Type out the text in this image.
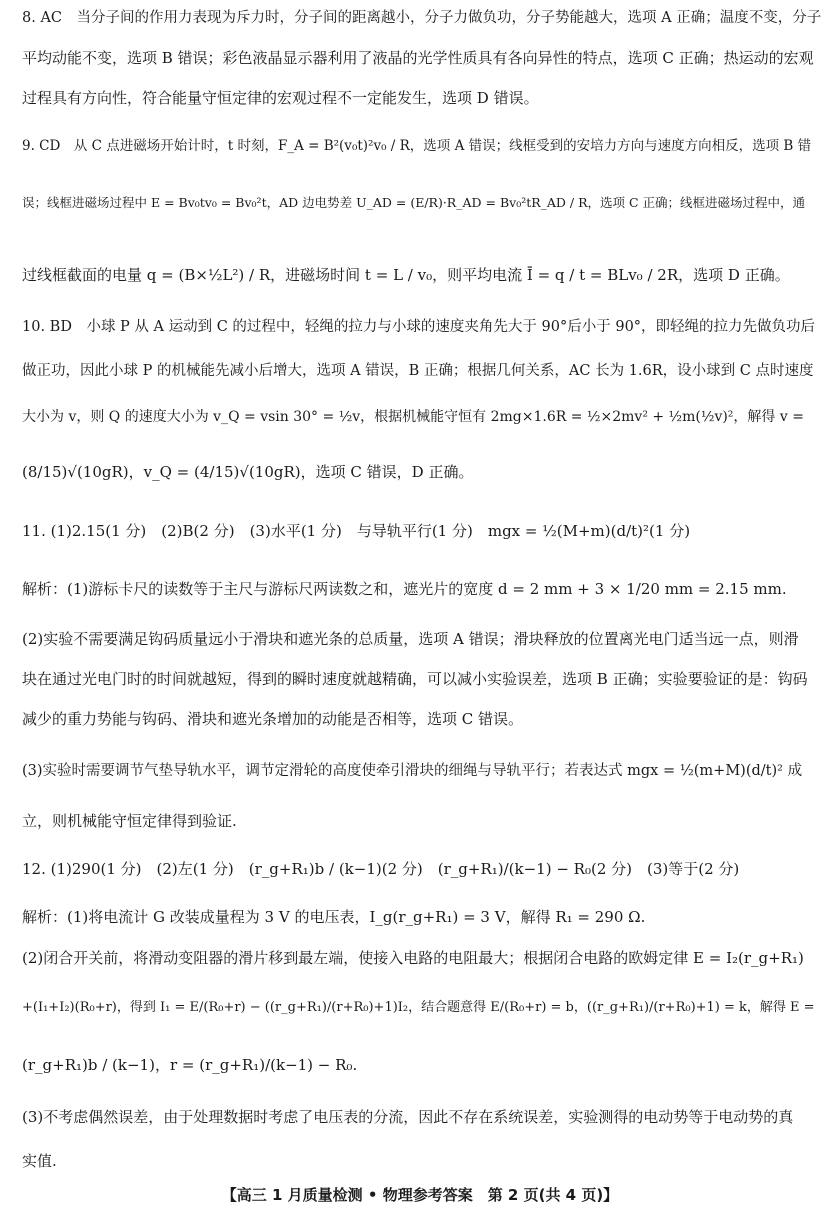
8. AC　当分子间的作用力表现为斥力时，分子间的距离越小，分子力做负功，分子势能越大，选项 A 正确；温度不变，分子
平均动能不变，选项 B 错误；彩色液晶显示器利用了液晶的光学性质具有各向异性的特点，选项 C 正确；热运动的宏观
过程具有方向性，符合能量守恒定律的宏观过程不一定能发生，选项 D 错误。
9. CD　从 C 点进磁场开始计时，t 时刻，F_A = B²(v₀t)²v₀ / R，选项 A 错误；线框受到的安培力方向与速度方向相反，选项 B 错
误；线框进磁场过程中 E = Bv₀tv₀ = Bv₀²t，AD 边电势差 U_AD = (E/R)·R_AD = Bv₀²tR_AD / R，选项 C 正确；线框进磁场过程中，通
过线框截面的电量 q = (B×½L²) / R，进磁场时间 t = L / v₀，则平均电流 Ī = q / t = BLv₀ / 2R，选项 D 正确。
10. BD　小球 P 从 A 运动到 C 的过程中，轻绳的拉力与小球的速度夹角先大于 90°后小于 90°，即轻绳的拉力先做负功后
做正功，因此小球 P 的机械能先减小后增大，选项 A 错误，B 正确；根据几何关系，AC 长为 1.6R，设小球到 C 点时速度
大小为 v，则 Q 的速度大小为 v_Q = vsin 30° = ½v，根据机械能守恒有 2mg×1.6R = ½×2mv² + ½m(½v)²，解得 v =
(8/15)√(10gR)，v_Q = (4/15)√(10gR)，选项 C 错误，D 正确。
11. (1)2.15(1 分)　(2)B(2 分)　(3)水平(1 分)　与导轨平行(1 分)　mgx = ½(M+m)(d/t)²(1 分)
解析：(1)游标卡尺的读数等于主尺与游标尺两读数之和，遮光片的宽度 d = 2 mm + 3 × 1/20 mm = 2.15 mm.
(2)实验不需要满足钩码质量远小于滑块和遮光条的总质量，选项 A 错误；滑块释放的位置离光电门适当远一点，则滑
块在通过光电门时的时间就越短，得到的瞬时速度就越精确，可以减小实验误差，选项 B 正确；实验要验证的是：钩码
减少的重力势能与钩码、滑块和遮光条增加的动能是否相等，选项 C 错误。
(3)实验时需要调节气垫导轨水平，调节定滑轮的高度使牵引滑块的细绳与导轨平行；若表达式 mgx = ½(m+M)(d/t)² 成
立，则机械能守恒定律得到验证.
12. (1)290(1 分)　(2)左(1 分)　(r_g+R₁)b / (k−1)(2 分)　(r_g+R₁)/(k−1) − R₀(2 分)　(3)等于(2 分)
解析：(1)将电流计 G 改装成量程为 3 V 的电压表，I_g(r_g+R₁) = 3 V，解得 R₁ = 290 Ω.
(2)闭合开关前，将滑动变阻器的滑片移到最左端，使接入电路的电阻最大；根据闭合电路的欧姆定律 E = I₂(r_g+R₁)
+(I₁+I₂)(R₀+r)，得到 I₁ = E/(R₀+r) − ((r_g+R₁)/(r+R₀)+1)I₂，结合题意得 E/(R₀+r) = b，((r_g+R₁)/(r+R₀)+1) = k，解得 E =
(r_g+R₁)b / (k−1)，r = (r_g+R₁)/(k−1) − R₀.
(3)不考虑偶然误差，由于处理数据时考虑了电压表的分流，因此不存在系统误差，实验测得的电动势等于电动势的真
实值.
【高三 1 月质量检测 • 物理参考答案　第 2 页(共 4 页)】
